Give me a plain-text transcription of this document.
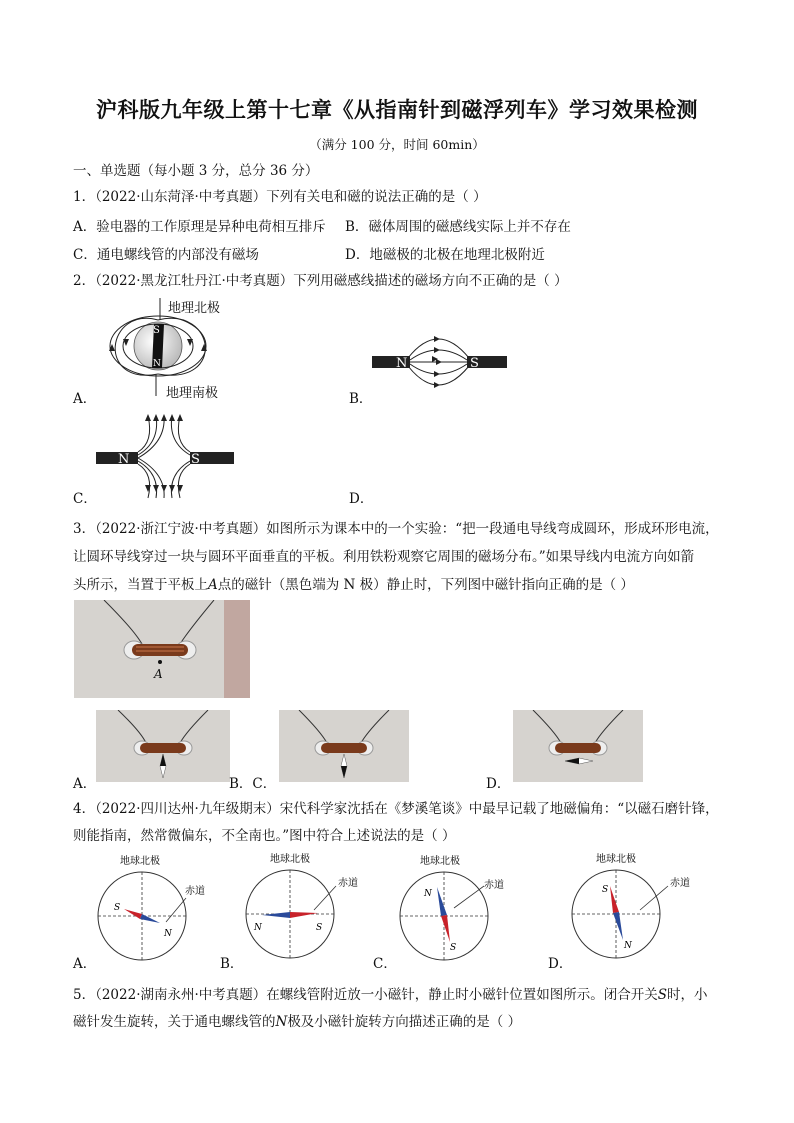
沪科版九年级上第十七章《从指南针到磁浮列车》学习效果检测
（满分 100 分，时间 60min）
一、单选题（每小题 3 分，总分 36 分）
1．（2022·山东菏泽·中考真题）下列有关电和磁的说法正确的是（ ）
A．验电器的工作原理是异种电荷相互排斥 B．磁体周围的磁感线实际上并不存在
C．通电螺线管的内部没有磁场	D．地磁极的北极在地理北极附近
2．（2022·黑龙江牡丹江·中考真题）下列用磁感线描述的磁场方向不正确的是（ ）
S
N
地理北极
地理南极
A．
N	S
B．
N	S
C．	D．
3．（2022·浙江宁波·中考真题）如图所示为课本中的一个实验：“把一段通电导线弯成圆环，形成环形电流，
让圆环导线穿过一块与圆环平面垂直的平板。利用铁粉观察它周围的磁场分布。”如果导线内电流方向如箭
头所示，当置于平板上A点的磁针（黑色端为 N 极）静止时，下列图中磁针指向正确的是（ ）
A
A．	B．C．	D．
4．（2022·四川达州·九年级期末）宋代科学家沈括在《梦溪笔谈》中最早记载了地磁偏角：“以磁石磨针锋，
则能指南，然常微偏东，不全南也。”图中符合上述说法的是（ ）
地球北极
赤道
S
N
A．
地球北极
赤道
N	S
B．
地球北极
赤道
N
S
C．
地球北极
赤道
S
N
D．
5．（2022·湖南永州·中考真题）在螺线管附近放一小磁针，静止时小磁针位置如图所示。闭合开关S时，小
磁针发生旋转，关于通电螺线管的N极及小磁针旋转方向描述正确的是（ ）
